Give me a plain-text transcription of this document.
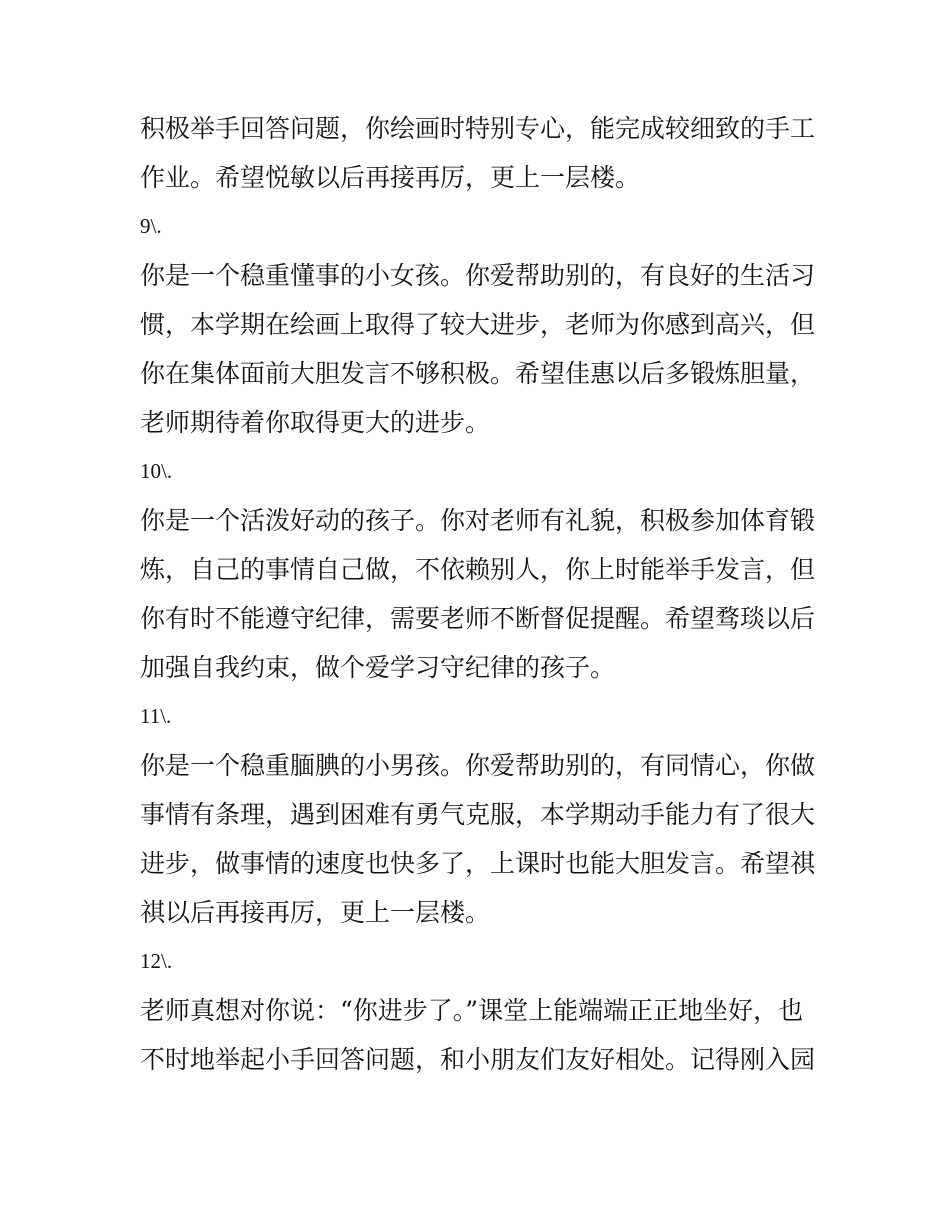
积极举手回答问题，你绘画时特别专心，能完成较细致的手工
作业。希望悦敏以后再接再厉，更上一层楼。
9\.
你是一个稳重懂事的小女孩。你爱帮助别的，有良好的生活习
惯，本学期在绘画上取得了较大进步，老师为你感到高兴，但
你在集体面前大胆发言不够积极。希望佳惠以后多锻炼胆量，
老师期待着你取得更大的进步。
10\.
你是一个活泼好动的孩子。你对老师有礼貌，积极参加体育锻
炼，自己的事情自己做，不依赖别人，你上时能举手发言，但
你有时不能遵守纪律，需要老师不断督促提醒。希望骛琰以后
加强自我约束，做个爱学习守纪律的孩子。
11\.
你是一个稳重腼腆的小男孩。你爱帮助别的，有同情心，你做
事情有条理，遇到困难有勇气克服，本学期动手能力有了很大
进步，做事情的速度也快多了，上课时也能大胆发言。希望祺
祺以后再接再厉，更上一层楼。
12\.
老师真想对你说：“你进步了。”课堂上能端端正正地坐好，也
不时地举起小手回答问题，和小朋友们友好相处。记得刚入园
